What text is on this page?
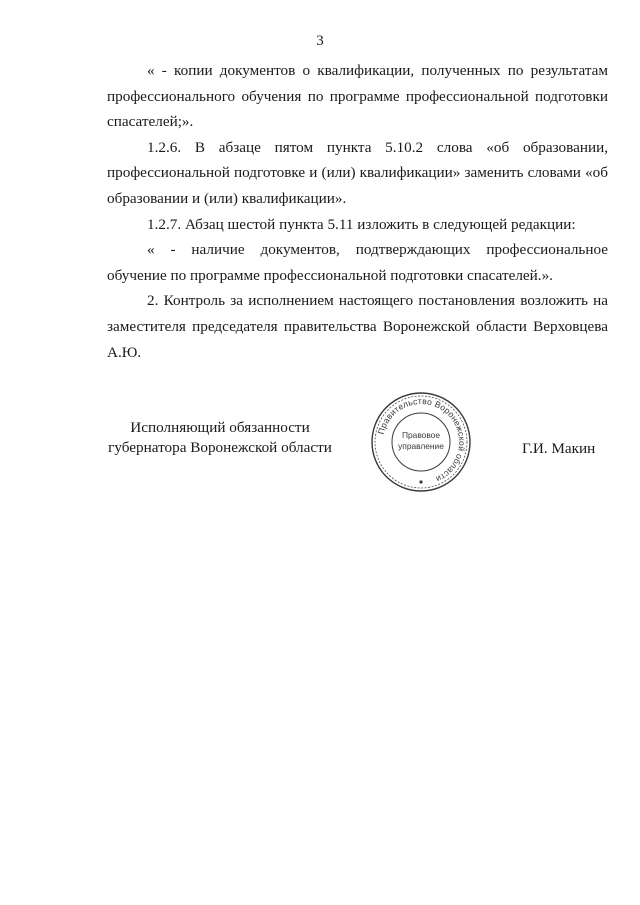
3

« - копии документов о квалификации, полученных по результатам профессионального обучения по программе профессиональной подготовки спасателей;».

1.2.6. В абзаце пятом пункта 5.10.2 слова «об образовании, профессиональной подготовке и (или) квалификации» заменить словами «об образовании и (или) квалификации».

1.2.7. Абзац шестой пункта 5.11 изложить в следующей редакции:

« - наличие документов, подтверждающих профессиональное обучение по программе профессиональной подготовки спасателей.».

2. Контроль за исполнением настоящего постановления возложить на заместителя председателя правительства Воронежской области Верховцева А.Ю.

Исполняющий обязанности
губернатора Воронежской области
Правительство Воронежской области
Правовое
управление	Г.И. Макин
